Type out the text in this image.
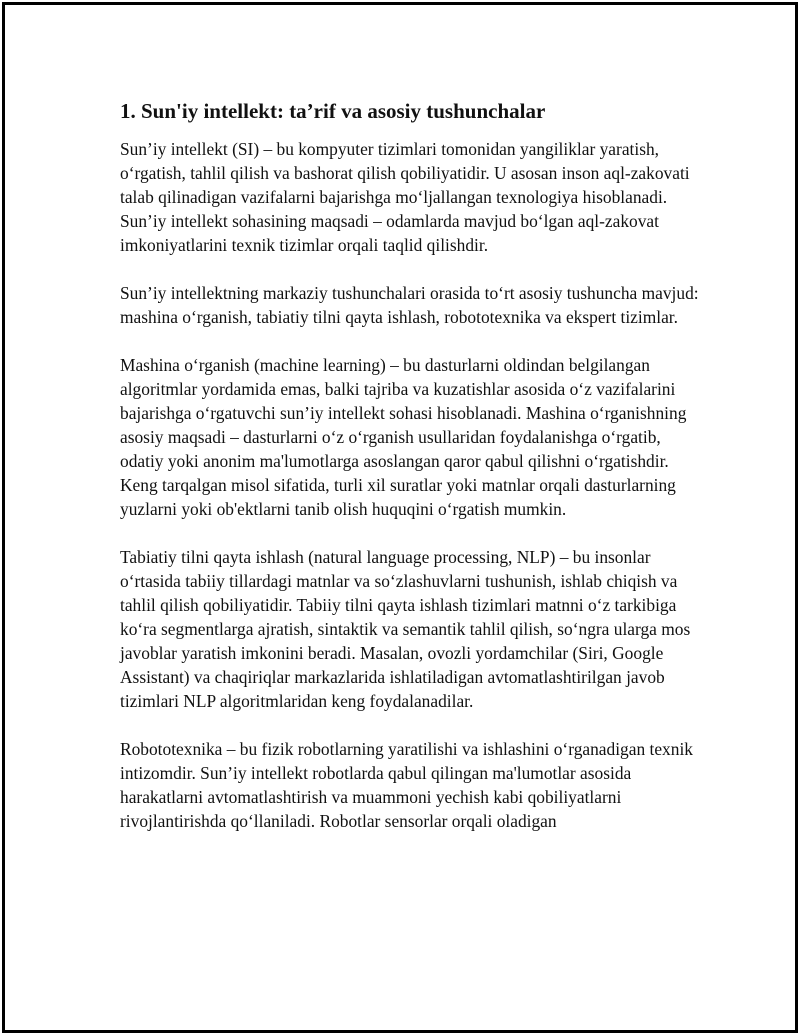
1. Sun'iy intellekt: ta’rif va asosiy tushunchalar

Sun’iy intellekt (SI) – bu kompyuter tizimlari tomonidan yangiliklar yaratish, o‘rgatish, tahlil qilish va bashorat qilish qobiliyatidir. U asosan inson aql-zakovati talab qilinadigan vazifalarni bajarishga mo‘ljallangan texnologiya hisoblanadi. Sun’iy intellekt sohasining maqsadi – odamlarda mavjud bo‘lgan aql-zakovat imkoniyatlarini texnik tizimlar orqali taqlid qilishdir.

Sun’iy intellektning markaziy tushunchalari orasida to‘rt asosiy tushuncha mavjud: mashina o‘rganish, tabiatiy tilni qayta ishlash, robototexnika va ekspert tizimlar.

Mashina o‘rganish (machine learning) – bu dasturlarni oldindan belgilangan algoritmlar yordamida emas, balki tajriba va kuzatishlar asosida o‘z vazifalarini bajarishga o‘rgatuvchi sun’iy intellekt sohasi hisoblanadi. Mashina o‘rganishning asosiy maqsadi – dasturlarni o‘z o‘rganish usullaridan foydalanishga o‘rgatib, odatiy yoki anonim ma'lumotlarga asoslangan qaror qabul qilishni o‘rgatishdir. Keng tarqalgan misol sifatida, turli xil suratlar yoki matnlar orqali dasturlarning yuzlarni yoki ob'ektlarni tanib olish huquqini o‘rgatish mumkin.

Tabiatiy tilni qayta ishlash (natural language processing, NLP) – bu insonlar o‘rtasida tabiiy tillardagi matnlar va so‘zlashuvlarni tushunish, ishlab chiqish va tahlil qilish qobiliyatidir. Tabiiy tilni qayta ishlash tizimlari matnni o‘z tarkibiga ko‘ra segmentlarga ajratish, sintaktik va semantik tahlil qilish, so‘ngra ularga mos javoblar yaratish imkonini beradi. Masalan, ovozli yordamchilar (Siri, Google Assistant) va chaqiriqlar markazlarida ishlatiladigan avtomatlashtirilgan javob tizimlari NLP algoritmlaridan keng foydalanadilar.

Robototexnika – bu fizik robotlarning yaratilishi va ishlashini o‘rganadigan texnik intizomdir. Sun’iy intellekt robotlarda qabul qilingan ma'lumotlar asosida harakatlarni avtomatlashtirish va muammoni yechish kabi qobiliyatlarni rivojlantirishda qo‘llaniladi. Robotlar sensorlar orqali oladigan
